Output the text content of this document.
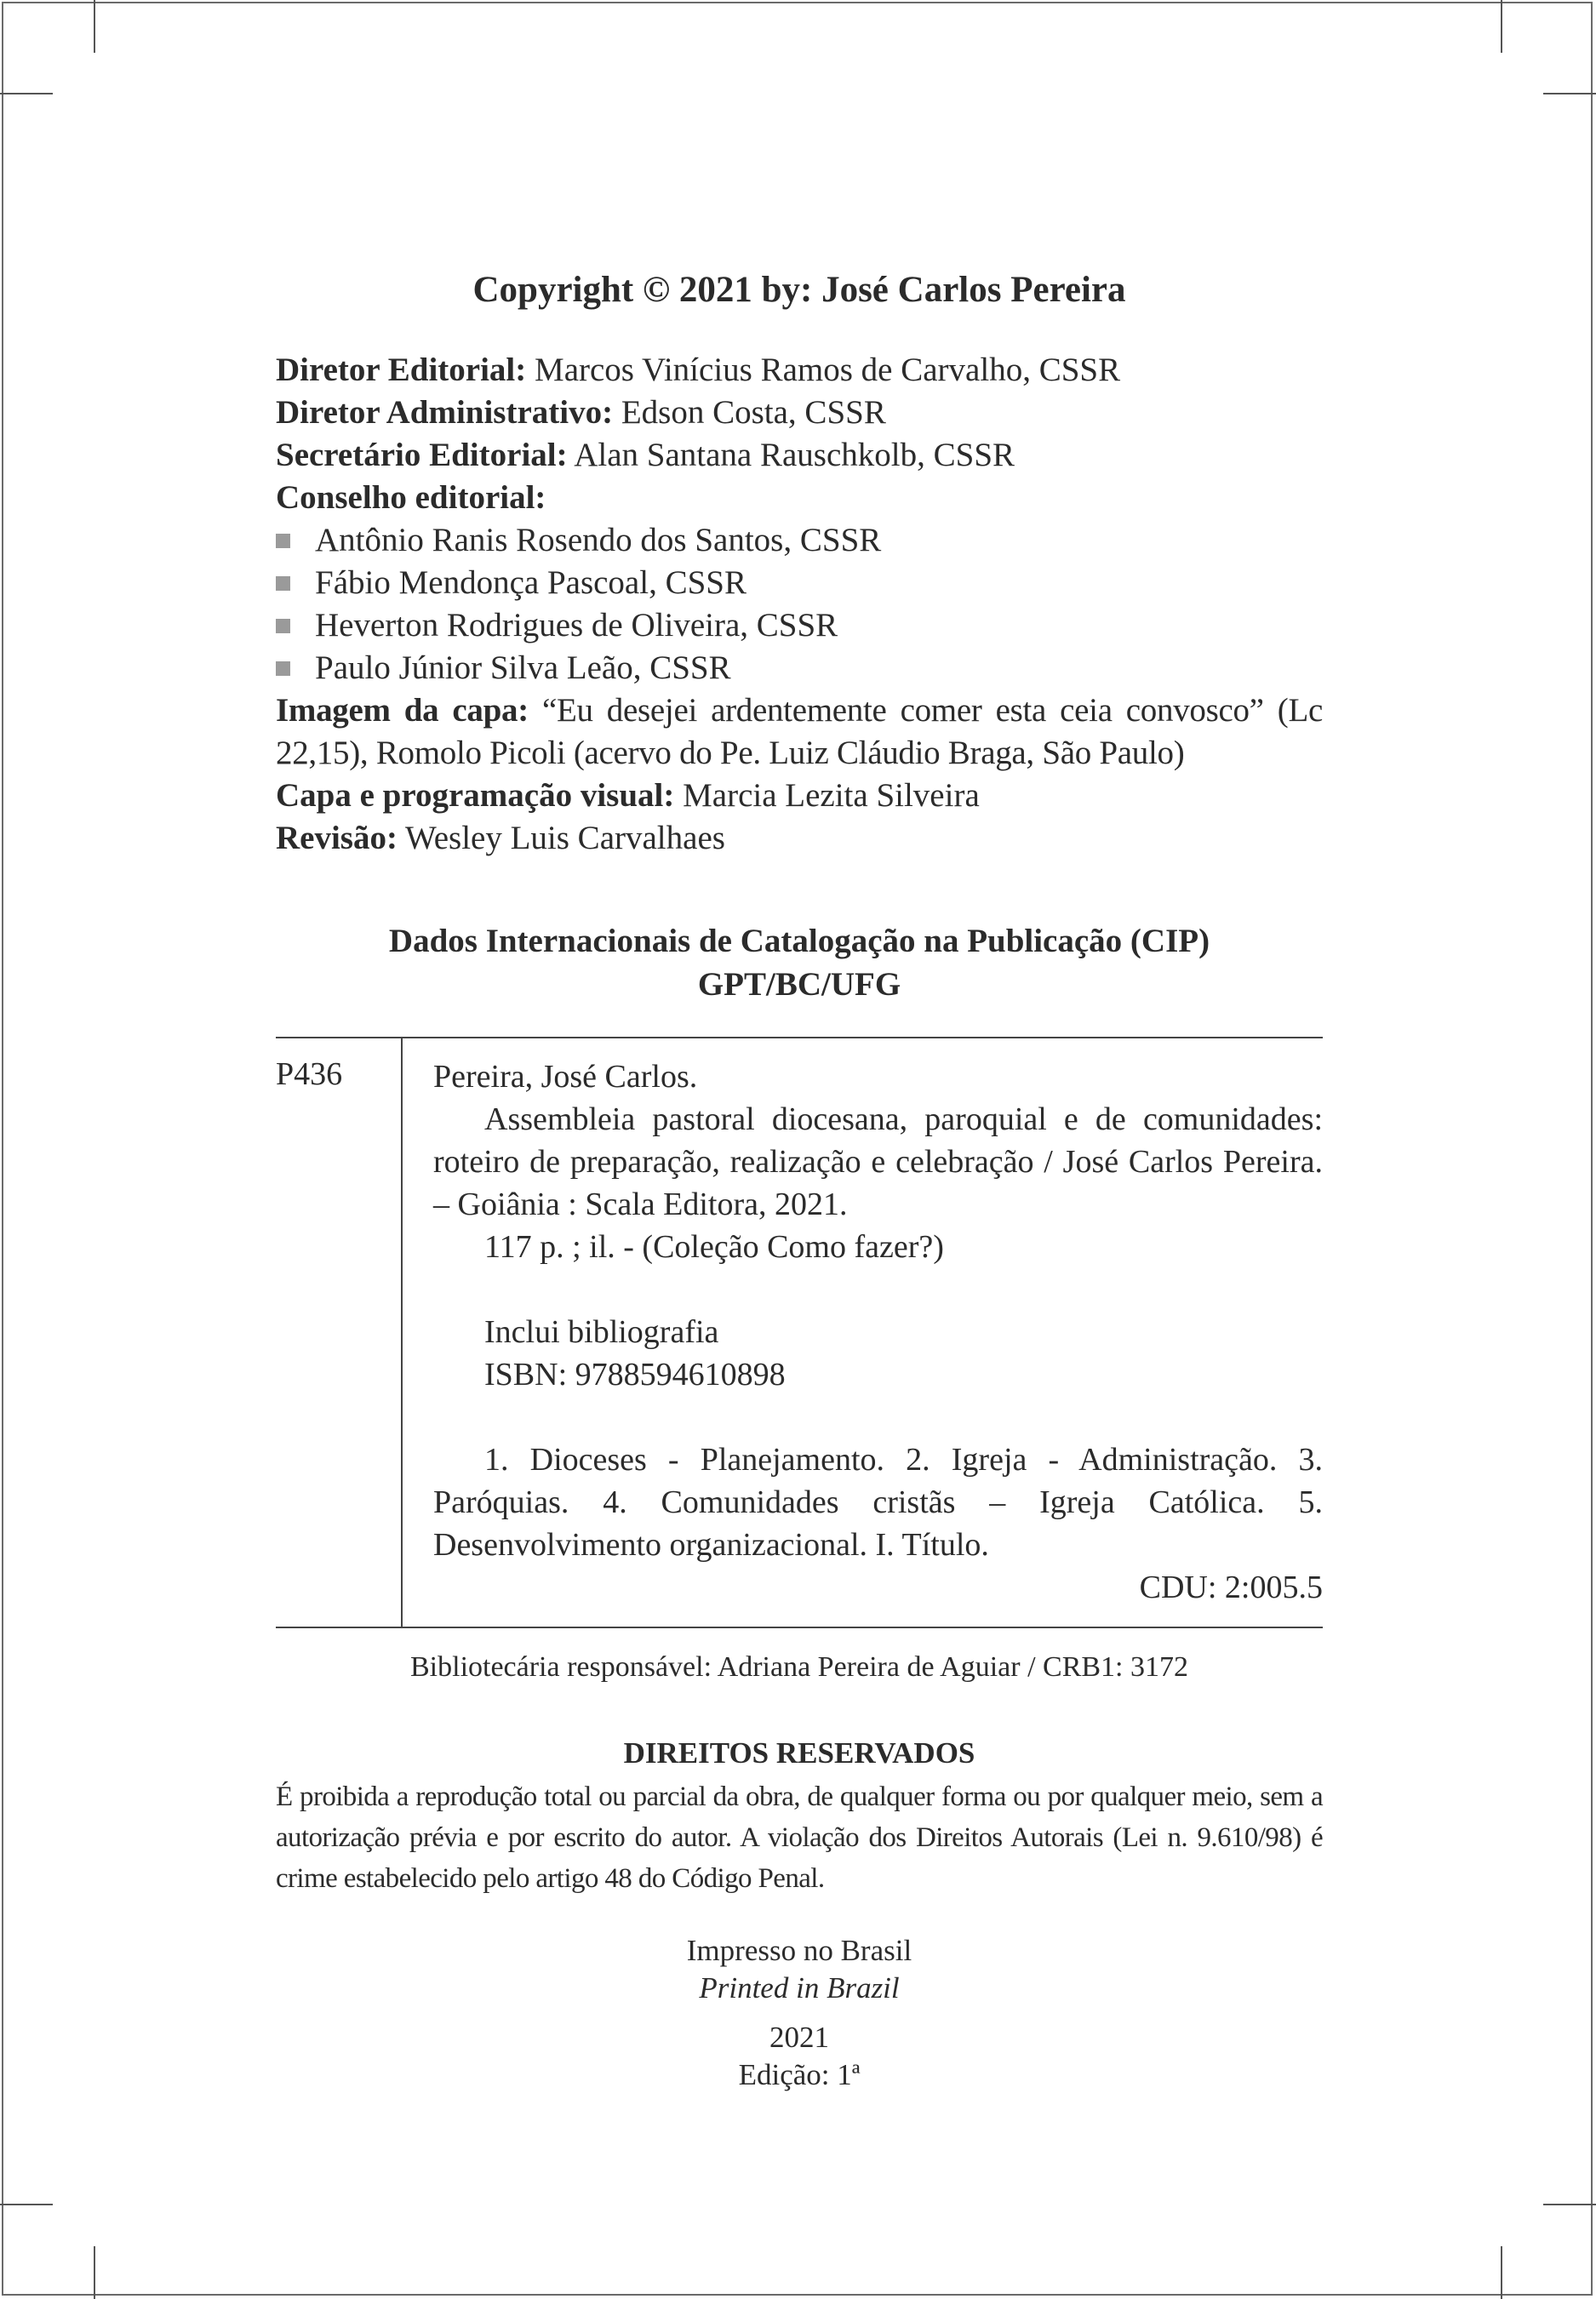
Copyright © 2021 by: José Carlos Pereira
Diretor Editorial: Marcos Vinícius Ramos de Carvalho, CSSR
Diretor Administrativo: Edson Costa, CSSR
Secretário Editorial: Alan Santana Rauschkolb, CSSR
Conselho editorial:
Antônio Ranis Rosendo dos Santos, CSSR
Fábio Mendonça Pascoal, CSSR
Heverton Rodrigues de Oliveira, CSSR
Paulo Júnior Silva Leão, CSSR
Imagem da capa: “Eu desejei ardentemente comer esta ceia convosco” (Lc 22,15), Romolo Picoli (acervo do Pe. Luiz Cláudio Braga, São Paulo)
Capa e programação visual: Marcia Lezita Silveira
Revisão: Wesley Luis Carvalhaes
Dados Internacionais de Catalogação na Publicação (CIP)
GPT/BC/UFG
P436	Pereira, José Carlos.

Assembleia pastoral diocesana, paroquial e de comunidades: roteiro de preparação, realização e celebração / José Carlos Pereira. – Goiânia : Scala Editora, 2021.

117 p. ; il. - (Coleção Como fazer?)

Inclui bibliografia

ISBN: 9788594610898

1. Dioceses - Planejamento. 2. Igreja - Administração. 3. Paróquias. 4. Comunidades cristãs – Igreja Católica. 5. Desenvolvimento organizacional. I. Título.

CDU: 2:005.5

Bibliotecária responsável: Adriana Pereira de Aguiar / CRB1: 3172
DIREITOS RESERVADOS
É proibida a reprodução total ou parcial da obra, de qualquer forma ou por qualquer meio, sem a autorização prévia e por escrito do autor. A violação dos Direitos Autorais (Lei n. 9.610/98) é crime estabelecido pelo artigo 48 do Código Penal.
Impresso no Brasil
Printed in Brazil
2021
Edição: 1ª
